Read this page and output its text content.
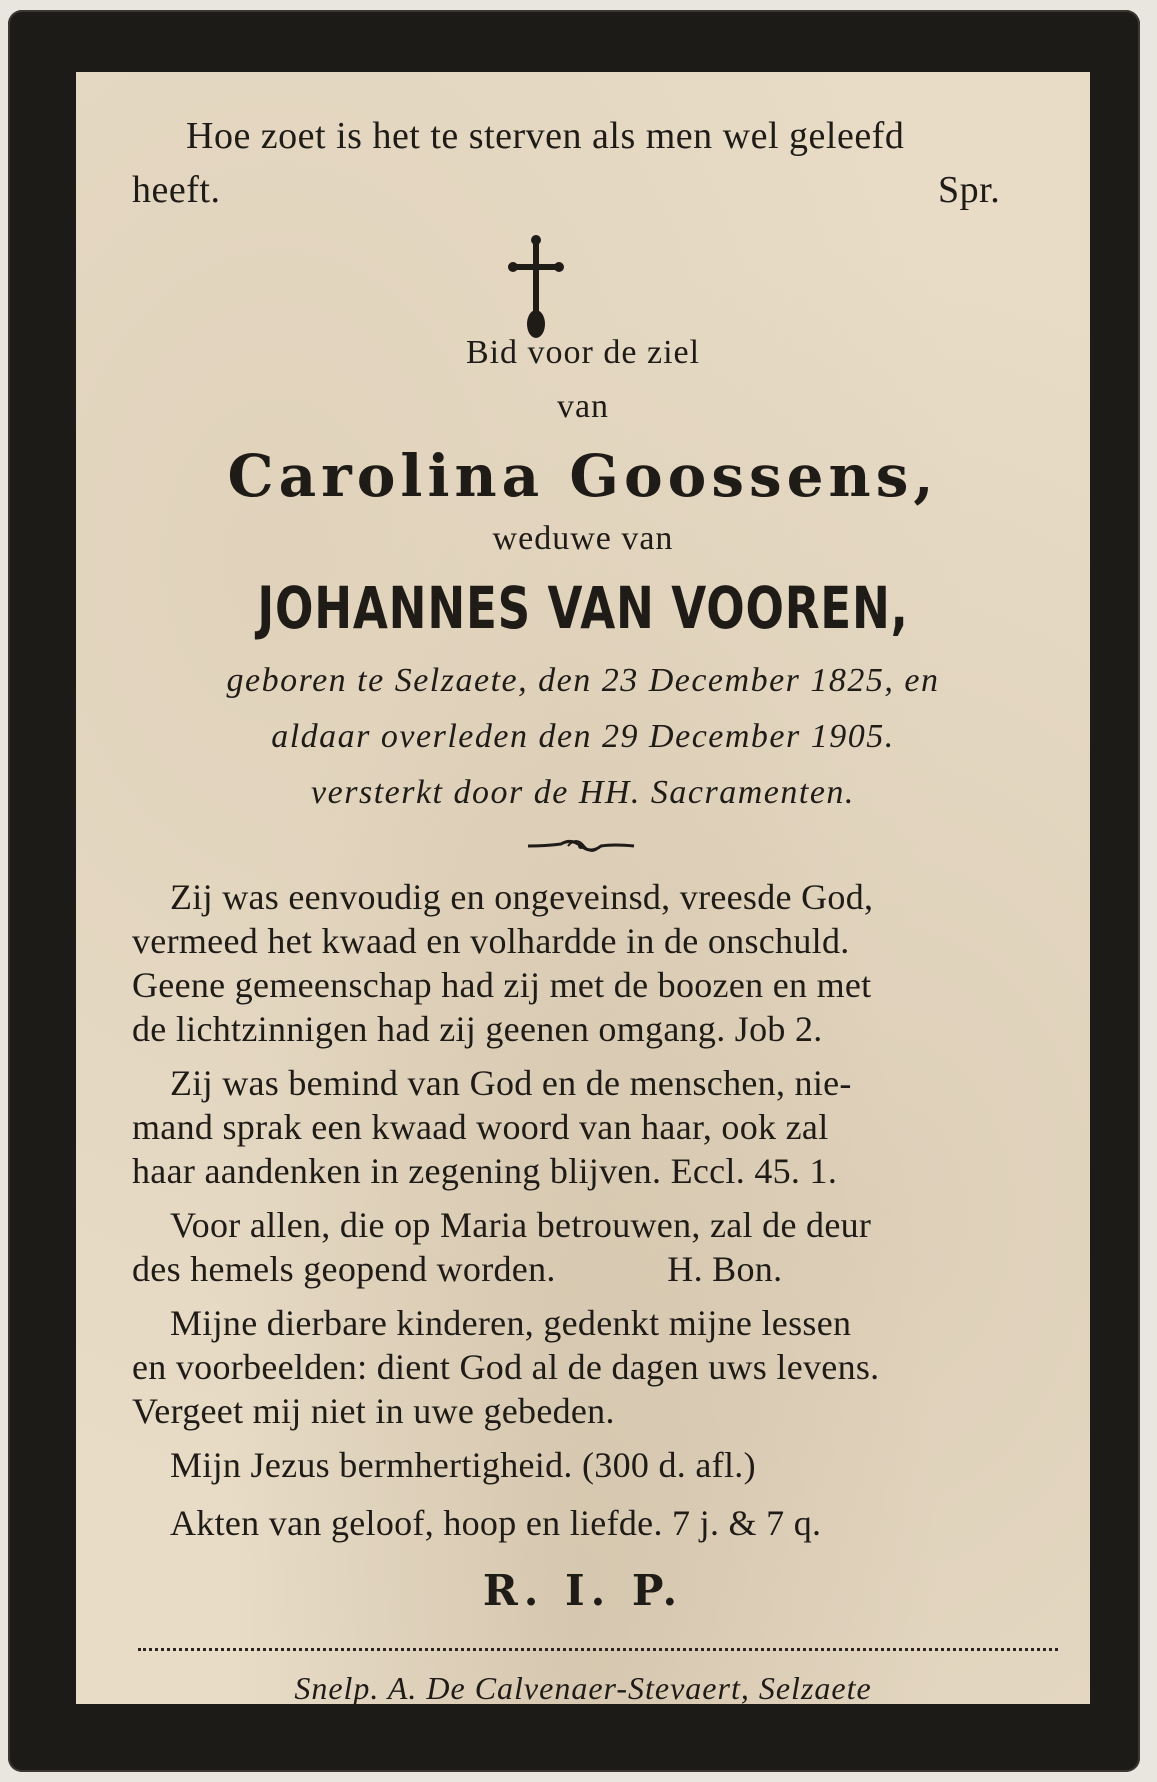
Hoe zoet is het te sterven als men wel geleefd
heeft.	Spr.
Bid voor de ziel
van
Carolina Goossens,
weduwe van
JOHANNES VAN VOOREN,
geboren te Selzaete, den 23 December 1825, en
aldaar overleden den 29 December 1905.
versterkt door de HH. Sacramenten.
Zij was eenvoudig en ongeveinsd, vreesde God,
vermeed het kwaad en volhardde in de onschuld.
Geene gemeenschap had zij met de boozen en met
de lichtzinnigen had zij geenen omgang. Job 2.
Zij was bemind van God en de menschen, nie-
mand sprak een kwaad woord van haar, ook zal
haar aandenken in zegening blijven. Eccl. 45. 1.
Voor allen, die op Maria betrouwen, zal de deur
des hemels geopend worden.            H. Bon.
Mijne dierbare kinderen, gedenkt mijne lessen
en voorbeelden: dient God al de dagen uws levens.
Vergeet mij niet in uwe gebeden.
Mijn Jezus bermhertigheid. (300 d. afl.)
Akten van geloof, hoop en liefde. 7 j. & 7 q.
R. I. P.
Snelp. A. De Calvenaer-Stevaert, Selzaete
